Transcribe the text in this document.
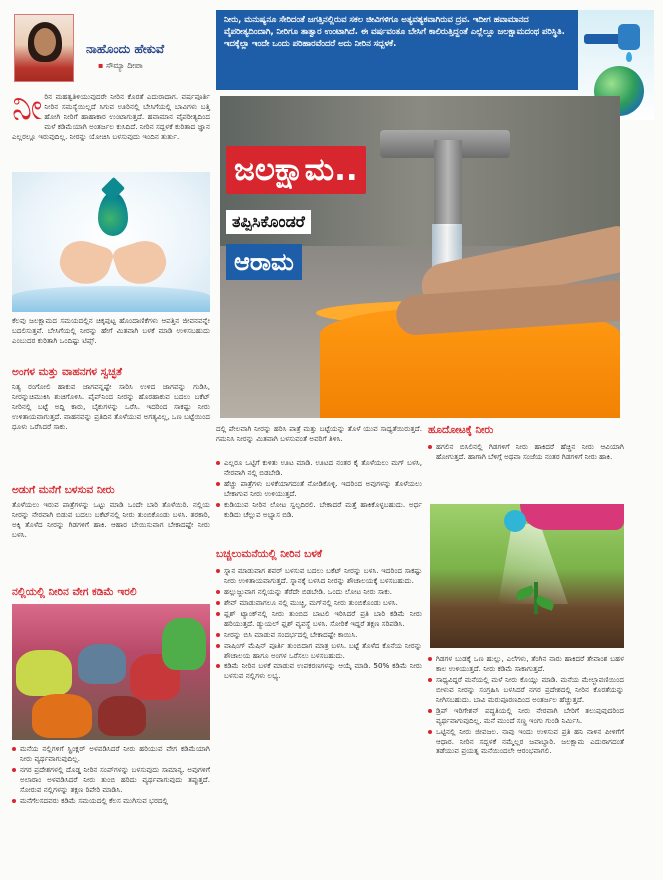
ನಾಹೊಂದು ಹೇಕುವೆ
▪ ಸೌಮ್ಯಾ ದೀಪಾ
ನೀ ರಿನ ಮಹತ್ವತಿಳಿಯುವುದರೇ ನೀರಿನ ಕೊರತೆ ಎದುರಾದಾಗ. ವರ್ಷಪೂರ್ತಿ ನೀರಿನ ಸಮಸ್ಯೆಯಿಲ್ಲದೆ ಸಿಗುವ ಊರಿನಲ್ಲಿ ಬೇಸಿಗೆಯಲ್ಲಿ ಬಾವಿಗಳು ಬತ್ತಿ ಹೋಗಿ ನೀರಿಗೆ ಹಾಹಾಕಾರ ಉಂಟಾಗುತ್ತದೆ. ಹವಾಮಾನ ವೈಪರೀತ್ಯದಿಂದ ಮಳೆ ಕಡಿಮೆಯಾಗಿ ಅಂತರ್ಜಲ ಕುಸಿದಿದೆ. ನೀರಿನ ಸದ್ಬಳಕೆ ಕುರಿತಾದ ಜ್ಞಾನ ಎಲ್ಲರಲ್ಲೂ ಇರುವುದಿಲ್ಲ. ನೀರನ್ನು ಯೋಚಿಸಿ ಬಳಸುವುದು ಇಂದಿನ ತುರ್ತು.
ಕೆಲವು ಜಲಕ್ಷಾಮದ ಸಮಯದಲ್ಲಿನ ಚಿಕ್ಕಪುಟ್ಟ ಹೊಂದಾಣಿಕೆಗಳು ಆಪತ್ತಿನ ಜೀವನವನ್ನೇ ಬದಲಿಸುತ್ತವೆ. ಬೇಸಿಗೆಯಲ್ಲಿ ನೀರನ್ನು ಹೇಗೆ ಮಿತವಾಗಿ ಬಳಕೆ ಮಾಡಿ ಉಳಿಸಬಹುದು ಎಂಬುದರ ಕುರಿತಾಗಿ ಒಂದಿಷ್ಟು ಟಿಪ್ಸ್.
ಅಂಗಳ ಮತ್ತು ವಾಹನಗಳ ಸ್ವಚ್ಛತೆ
ನಿತ್ಯ ರಂಗೋಲಿ ಹಾಕುವ ಜಾಗವನ್ನಷ್ಟೇ ಸಾರಿಸಿ ಉಳಿದ ಜಾಗವನ್ನು ಗುಡಿಸಿ, ನೀರನ್ನುಚಿಮುಕಿಸಿ ಶುಚಿಗೊಳಿಸಿ. ಪೈಪ್‌ನಿಂದ ನೀರನ್ನು ಹೊರಹಾಕುವ ಬದಲು ಬಕೆಟ್ ನೀರಿನಲ್ಲಿ ಬಟ್ಟೆ ಅದ್ದಿ ಕಾರು, ಬೈಕುಗಳನ್ನು ಒರೆಸಿ. ಇದರಿಂದ ಸಾಕಷ್ಟು ನೀರು ಉಳಿತಾಯವಾಗುತ್ತದೆ. ವಾಹನವನ್ನು ಪ್ರತಿದಿನ ತೊಳೆಯುವ ಅಗತ್ಯವಿಲ್ಲ, ಒಣ ಬಟ್ಟೆಯಿಂದ ಧೂಳು ಒರೆಸಿದರೆ ಸಾಕು.
ಅಡುಗೆ ಮನೆಗೆ ಬಳಸುವ ನೀರು
ತೊಳೆಯಲು ಇರುವ ಪಾತ್ರೆಗಳನ್ನು ಒಟ್ಟು ಮಾಡಿ ಒಂದೇ ಬಾರಿ ತೊಳೆಯಿರಿ. ನಲ್ಲಿಯ ನೀರನ್ನು ನೇರವಾಗಿ ಬಿಡುವ ಬದಲು ಬಕೆಟ್‌ನಲ್ಲಿ ನೀರು ತುಂಬಿಕೊಂಡು ಬಳಸಿ. ತರಕಾರಿ, ಅಕ್ಕಿ ತೊಳೆದ ನೀರನ್ನು ಗಿಡಗಳಿಗೆ ಹಾಕಿ. ಆಹಾರ ಬೇಯಿಸುವಾಗ ಬೇಕಾದಷ್ಟೇ ನೀರು ಬಳಸಿ.
ನಲ್ಲಿಯಲ್ಲಿ ನೀರಿನ ವೇಗ ಕಡಿಮೆ ಇರಲಿ
ಮನೆಯ ನಲ್ಲಿಗಳಿಗೆ ಸ್ಪ್ರಿಂಕ್ಲರ್ ಅಳವಡಿಸಿದರೆ ನೀರು ಹರಿಯುವ ವೇಗ ಕಡಿಮೆಯಾಗಿ ನೀರು ವ್ಯರ್ಥವಾಗುವುದಿಲ್ಲ.
ನಗರ ಪ್ರದೇಶಗಳಲ್ಲಿ ದೊಡ್ಡ ನೀರಿನ ಸಂಪ್‌ಗಳನ್ನು ಬಳಸುವುದು ಸಾಮಾನ್ಯ. ಅವುಗಳಿಗೆ ಅಲಾರಾಂ ಅಳವಡಿಸಿದರೆ ನೀರು ತುಂಬಿ ಹರಿದು ವ್ಯರ್ಥವಾಗುವುದು ತಪ್ಪುತ್ತದೆ. ಸೋರುವ ನಲ್ಲಿಗಳನ್ನು ತಕ್ಷಣ ರಿಪೇರಿ ಮಾಡಿಸಿ.
ಮನೆಗೆಲಸದವರು ಕಡಿಮೆ ಸಮಯದಲ್ಲಿ ಕೆಲಸ ಮುಗಿಸುವ ಭರದಲ್ಲಿ
ನೀರು, ಮನುಷ್ಯನೂ ಸೇರಿದಂತೆ ಜಗತ್ತಿನಲ್ಲಿರುವ ಸಕಲ ಜೀವಿಗಳಿಗೂ ಅತ್ಯವಶ್ಯಕವಾಗಿರುವ ದ್ರವ. ಇದೀಗ ಹವಾಮಾನದ ವೈಪರೀತ್ಯದಿಂದಾಗಿ, ನೀರಿಗೂ ತಾತ್ವಾರ ಉಂಟಾಗಿದೆ. ಈ ವರ್ಷವಂತೂ ಬೇಸಿಗೆ ಕಾಲಿರುತ್ತಿದ್ದಂತೆ ಎಲ್ಲೆಲ್ಲೂ ಜಲಕ್ಷಾಮದಂಥ ಪರಿಸ್ಥಿತಿ. ಇದಕ್ಕೆಲ್ಲಾ ಇಂದೇ ಒಂದು ಪರಿಹಾರವೆಂದರೆ ಅದು ನೀರಿನ ಸದ್ಬಳಕೆ.
ಜಲಕ್ಷಾಮ..
ತಪ್ಪಿಸಿಕೊಂಡರೆ
ಆರಾಮ
ದಲ್ಲಿ ಪೇಲವಾಗಿ ನೀರನ್ನು ಹರಿಸಿ ಪಾತ್ರೆ ಮತ್ತು ಬಟ್ಟೆಯನ್ನು ತೊಳೆ ಯುವ ಸಾಧ್ಯತೆಯಿರುತ್ತದೆ. ಗಮನಿಸಿ ನೀರನ್ನು ಮಿತವಾಗಿ ಬಳಸುವಂತೆ ಅವರಿಗೆ ತಿಳಿಸಿ.
ಎಲ್ಲರೂ ಒಟ್ಟಿಗೆ ಕುಳಿತು ಊಟ ಮಾಡಿ. ಊಟದ ನಂತರ ಕೈ ತೊಳೆಯಲು ಮಗ್ ಬಳಸಿ, ನೇರವಾಗಿ ನಲ್ಲಿ ಬಿಡಬೇಡಿ.
ಹೆಚ್ಚು ಪಾತ್ರೆಗಳು ಬಳಕೆಯಾಗದಂತೆ ನೋಡಿಕೊಳ್ಳಿ. ಇದರಿಂದ ಅವುಗಳನ್ನು ತೊಳೆಯಲು ಬೇಕಾಗುವ ನೀರು ಉಳಿಯುತ್ತದೆ.
ಕುಡಿಯುವ ನೀರಿನ ಲೋಟ ಸ್ವಲ್ಪದಿರಲಿ. ಬೇಕಾದರೆ ಮತ್ತೆ ಹಾಕಿಕೊಳ್ಳಬಹುದು. ಅರ್ಧ ಕುಡಿದು ಚೆಲ್ಲುವ ಅಭ್ಯಾಸ ಬಿಡಿ.
ಬಚ್ಚಲುಮನೆಯಲ್ಲಿ ನೀರಿನ ಬಳಕೆ
ಸ್ನಾನ ಮಾಡುವಾಗ ಶವರ್ ಬಳಸುವ ಬದಲು ಬಕೆಟ್ ನೀರನ್ನು ಬಳಸಿ. ಇದರಿಂದ ಸಾಕಷ್ಟು ನೀರು ಉಳಿತಾಯವಾಗುತ್ತದೆ. ಸ್ನಾನಕ್ಕೆ ಬಳಸಿದ ನೀರನ್ನು ಶೌಚಾಲಯಕ್ಕೆ ಬಳಸಬಹುದು.
ಹಲ್ಲುಜ್ಜುವಾಗ ನಲ್ಲಿಯನ್ನು ತೆರೆದೇ ಬಿಡಬೇಡಿ. ಒಂದು ಲೋಟ ನೀರು ಸಾಕು.
ಶೇವ್ ಮಾಡುವಾಗಲೂ ನಲ್ಲಿ ಮುಚ್ಚಿ, ಮಗ್‌ನಲ್ಲಿ ನೀರು ತುಂಬಿಕೊಂಡು ಬಳಸಿ.
ಫ್ಲಶ್ ಟ್ಯಾಂಕ್‌ನಲ್ಲಿ ನೀರು ತುಂಬಿದ ಬಾಟಲಿ ಇರಿಸಿದರೆ ಪ್ರತಿ ಬಾರಿ ಕಡಿಮೆ ನೀರು ಹರಿಯುತ್ತದೆ. ಡ್ಯುಯಲ್ ಫ್ಲಶ್ ವ್ಯವಸ್ಥೆ ಬಳಸಿ. ಸೋರಿಕೆ ಇದ್ದರೆ ತಕ್ಷಣ ಸರಿಪಡಿಸಿ.
ನೀರನ್ನು ಬಿಸಿ ಮಾಡುವ ಸಂದರ್ಭದಲ್ಲಿ ಬೇಕಾದಷ್ಟೇ ಕಾಯಿಸಿ.
ವಾಷಿಂಗ್ ಮೆಷಿನ್ ಪೂರ್ತಿ ತುಂಬಿದಾಗ ಮಾತ್ರ ಬಳಸಿ. ಬಟ್ಟೆ ತೊಳೆದ ಕೊನೆಯ ನೀರನ್ನು ಶೌಚಾಲಯ ಹಾಗೂ ಅಂಗಳ ಒರೆಸಲು ಬಳಸಬಹುದು.
ಕಡಿಮೆ ನೀರಿನ ಬಳಕೆ ಮಾಡುವ ಉಪಕರಣಗಳನ್ನು ಆಯ್ಕೆ ಮಾಡಿ. 50% ಕಡಿಮೆ ನೀರು ಬಳಸುವ ನಲ್ಲಿಗಳು ಲಭ್ಯ.
ಹೂದೋಟಕ್ಕೆ ನೀರು
ಹಗಲಿನ ಬಿಸಿಲಿನಲ್ಲಿ ಗಿಡಗಳಿಗೆ ನೀರು ಹಾಕಿದರೆ ಹೆಚ್ಚಿನ ನೀರು ಆವಿಯಾಗಿ ಹೋಗುತ್ತದೆ. ಹಾಗಾಗಿ ಬೆಳಿಗ್ಗೆ ಅಥವಾ ಸಂಜೆಯ ನಂತರ ಗಿಡಗಳಿಗೆ ನೀರು ಹಾಕಿ.
ಗಿಡಗಳ ಬುಡಕ್ಕೆ ಒಣ ಹುಲ್ಲು, ಎಲೆಗಳು, ತೆಂಗಿನ ನಾರು ಹಾಕಿದರೆ ತೇವಾಂಶ ಬಹಳ ಕಾಲ ಉಳಿಯುತ್ತದೆ. ನೀರು ಕಡಿಮೆ ಸಾಕಾಗುತ್ತದೆ.
ಸಾಧ್ಯವಿದ್ದರೆ ಮನೆಯಲ್ಲಿ ಮಳೆ ನೀರು ಕೊಯ್ಲು ಮಾಡಿ. ಮನೆಯ ಮೇಲ್ಛಾವಣಿಯಿಂದ ಬೀಳುವ ನೀರನ್ನು ಸಂಗ್ರಹಿಸಿ ಬಳಸಿದರೆ ನಗರ ಪ್ರದೇಶದಲ್ಲಿ ನೀರಿನ ಕೊರತೆಯನ್ನು ನೀಗಿಸಬಹುದು. ಬಾವಿ ಮರುಪೂರಣದಿಂದ ಅಂತರ್ಜಲ ಹೆಚ್ಚುತ್ತದೆ.
ಡ್ರಿಪ್ ಇರಿಗೇಶನ್ ಪದ್ಧತಿಯಲ್ಲಿ ನೀರು ನೇರವಾಗಿ ಬೇರಿಗೆ ತಲುಪುವುದರಿಂದ ವ್ಯರ್ಥವಾಗುವುದಿಲ್ಲ. ಮನೆ ಮುಂದೆ ಸಣ್ಣ ಇಂಗು ಗುಂಡಿ ನಿರ್ಮಿಸಿ.
ಒಟ್ಟಿನಲ್ಲಿ ನೀರು ಜೀವಜಲ. ನಾವು ಇಂದು ಉಳಿಸುವ ಪ್ರತಿ ಹನಿ ನಾಳಿನ ಪೀಳಿಗೆಗೆ ಆಧಾರ. ನೀರಿನ ಸದ್ಬಳಕೆ ನಮ್ಮೆಲ್ಲರ ಜವಾಬ್ದಾರಿ. ಜಲಕ್ಷಾಮ ಎದುರಾಗದಂತೆ ತಡೆಯುವ ಪ್ರಯತ್ನ ಮನೆಯಿಂದಲೇ ಆರಂಭವಾಗಲಿ.
